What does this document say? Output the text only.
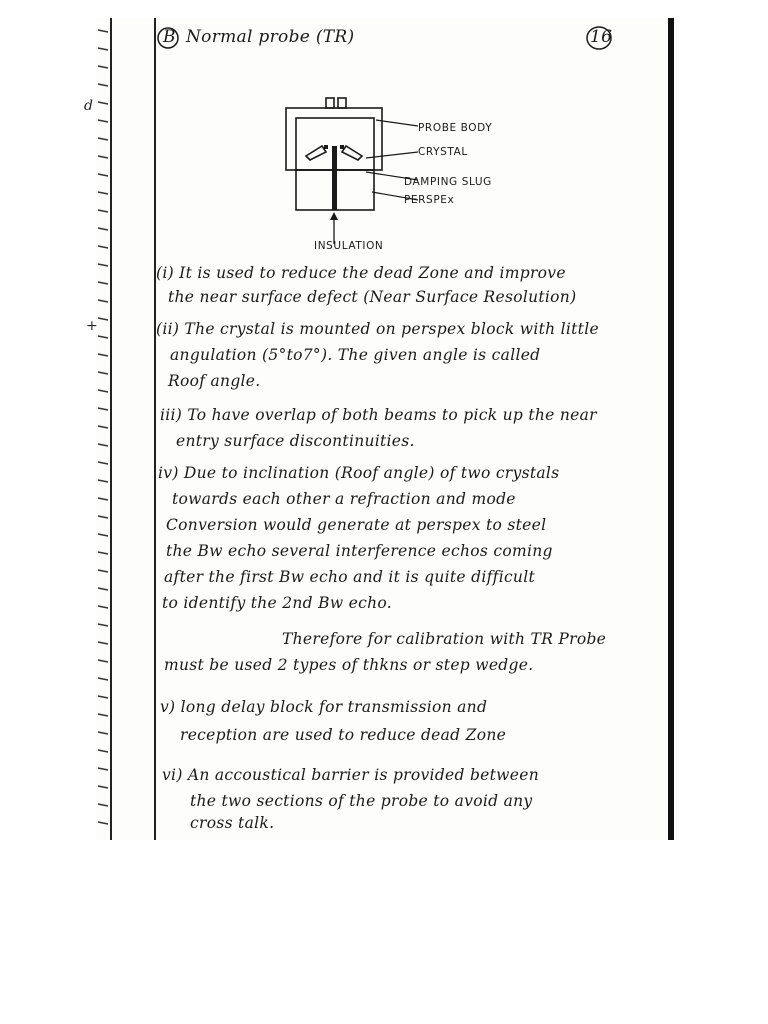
B Normal probe (TR)	16
PROBE BODY
CRYSTAL
DAMPING SLUG
PERSPEx
INSULATION
(i) It is used to reduce the dead Zone and improve
the near surface defect (Near Surface Resolution)
(ii) The crystal is mounted on perspex block with little
angulation (5°to7°). The given angle is called
Roof angle.
iii) To have overlap of both beams to pick up the near
entry surface discontinuities.
iv) Due to inclination (Roof angle) of two crystals
towards each other a refraction and mode
Conversion would generate at perspex to steel
the Bw echo several interference echos coming
after the first Bw echo and it is quite difficult
to identify the 2nd Bw echo.
Therefore for calibration with TR Probe
must be used 2 types of thkns or step wedge.
v) long delay block for transmission and
reception are used to reduce dead Zone
vi) An accoustical barrier is provided between
the two sections of the probe to avoid any
cross talk.
d
+
